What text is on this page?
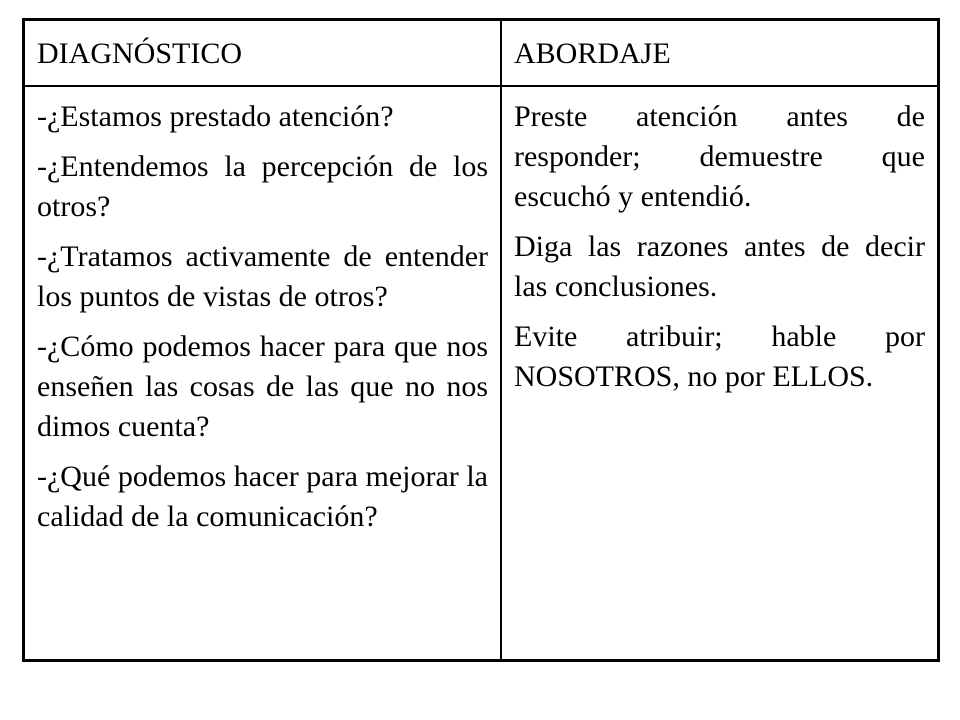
DIAGNÓSTICO	ABORDAJE

-¿Estamos prestado atención?

-¿Entendemos la percepción de los otros?

-¿Tratamos activamente de entender los puntos de vistas de otros?

-¿Cómo podemos hacer para que nos enseñen las cosas de las que no nos dimos cuenta?

-¿Qué podemos hacer para mejorar la calidad de la comunicación?

Preste atención antes de responder; demuestre que escuchó y entendió.

Diga las razones antes de decir las conclusiones.

Evite atribuir; hable por NOSOTROS, no por ELLOS.
